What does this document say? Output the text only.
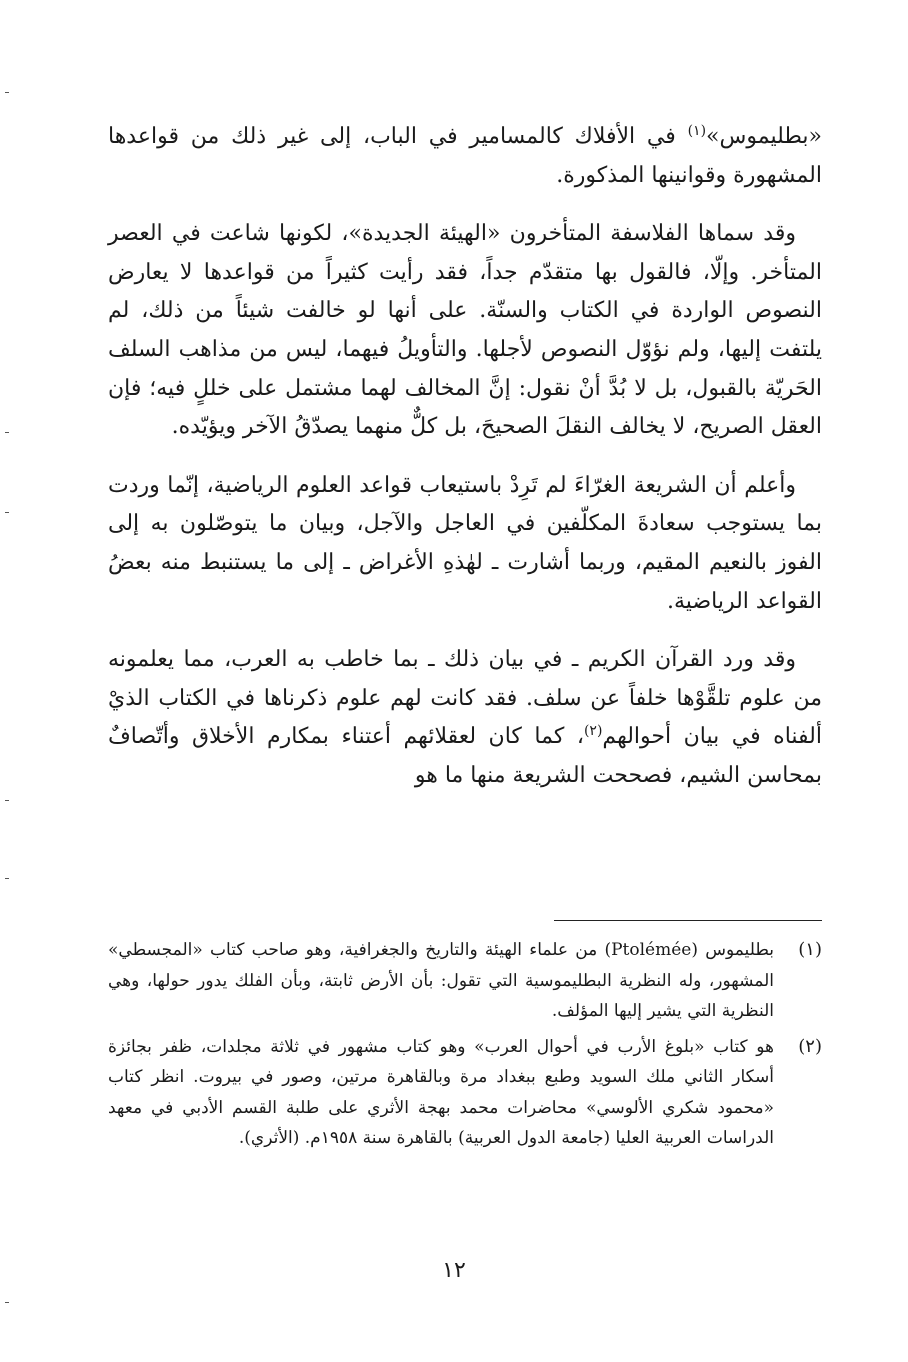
«بطليموس»$^{(١)}$ في الأفلاك كالمسامير في الباب، إلى غير ذلك من قواعدها المشهورة وقوانينها المذكورة.

وقد سماها الفلاسفة المتأخرون «الهيئة الجديدة»، لكونها شاعت في العصر المتأخر. وإلّا، فالقول بها متقدّم جداً، فقد رأيت كثيراً من قواعدها لا يعارض النصوص الواردة في الكتاب والسنّة. على أنها لو خالفت شيئاً من ذلك، لم يلتفت إليها، ولم نؤوّل النصوص لأجلها. والتأويلُ فيهما، ليس من مذاهب السلف الحَريّة بالقبول، بل لا بُدَّ أنْ نقول: إنَّ المخالف لهما مشتمل على خللٍ فيه؛ فإن العقل الصريح، لا يخالف النقلَ الصحيحَ، بل كلٌّ منهما يصدّقُ الآخر ويؤيّده.

وأعلم أن الشريعة الغرّاءَ لم تَرِدْ باستيعاب قواعد العلوم الرياضية، إنّما وردت بما يستوجب سعادةَ المكلّفين في العاجل والآجل، وبيان ما يتوصّلون به إلى الفوز بالنعيم المقيم، وربما أشارت ـ لهٰذهِ الأغراض ـ إلى ما يستنبط منه بعضُ القواعد الرياضية.

وقد ورد القرآن الكريم ـ في بيان ذلك ـ بما خاطب به العرب، مما يعلمونه من علوم تلقَّوْها خلفاً عن سلف. فقد كانت لهم علوم ذكرناها في الكتاب الذيْ ألفناه في بيان أحوالهم$^{(٢)}$، كما كان لعقلائهم أعتناء بمكارم الأخلاق وأتّصافٌ بمحاسن الشيم، فصححت الشريعة منها ما هو

(١)
بطليموس (Ptolémée) من علماء الهيئة والتاريخ والجغرافية، وهو صاحب كتاب «المجسطي» المشهور، وله النظرية البطليموسية التي تقول: بأن الأرض ثابتة، وبأن الفلك يدور حولها، وهي النظرية التي يشير إليها المؤلف.
(٢)
هو كتاب «بلوغ الأرب في أحوال العرب» وهو كتاب مشهور في ثلاثة مجلدات، ظفر بجائزة أسكار الثاني ملك السويد وطبع ببغداد مرة وبالقاهرة مرتين، وصور في بيروت. انظر كتاب «محمود شكري الألوسي» محاضرات محمد بهجة الأثري على طلبة القسم الأدبي في معهد الدراسات العربية العليا (جامعة الدول العربية) بالقاهرة سنة ١٩٥٨م. (الأثري).
١٢
